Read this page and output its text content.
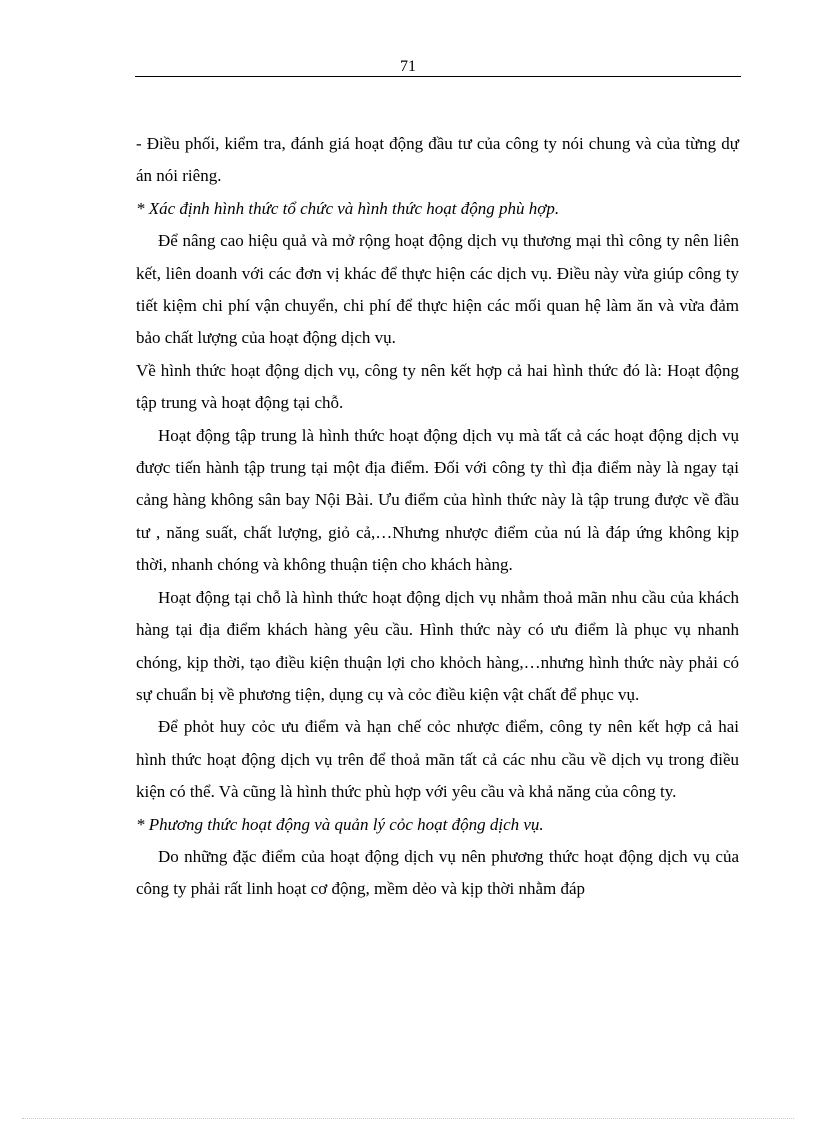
71

- Điều phối, kiểm tra, đánh giá hoạt động đầu tư của công ty nói chung và của từng dự án nói riêng.

* Xác định hình thức tổ chức và hình thức hoạt động phù hợp.

Để nâng cao hiệu quả và mở rộng hoạt động dịch vụ thương mại thì công ty nên liên kết, liên doanh với các đơn vị khác để thực hiện các dịch vụ. Điều này vừa giúp công ty tiết kiệm chi phí vận chuyển, chi phí để thực hiện các mối quan hệ làm ăn và vừa đảm bảo chất lượng của hoạt động dịch vụ.

Về hình thức hoạt động dịch vụ, công ty nên kết hợp cả hai hình thức đó là: Hoạt động tập trung và hoạt động tại chỗ.

Hoạt động tập trung là hình thức hoạt động dịch vụ mà tất cả các hoạt động dịch vụ được tiến hành tập trung tại một địa điểm. Đối với công ty thì địa điểm này là ngay tại cảng hàng không sân bay Nội Bài. Ưu điểm của hình thức này là tập trung được về đầu tư , năng suất, chất lượng, giỏ cả,…Nhưng nhược điểm của nú là đáp ứng không kịp thời, nhanh chóng và không thuận tiện cho khách hàng.

Hoạt động tại chỗ là hình thức hoạt động dịch vụ nhằm thoả mãn nhu cầu của khách hàng tại địa điểm khách hàng yêu cầu. Hình thức này có ưu điểm là phục vụ nhanh chóng, kịp thời, tạo điều kiện thuận lợi cho khỏch hàng,…nhưng hình thức này phải có sự chuẩn bị về phương tiện, dụng cụ và cỏc điều kiện vật chất để phục vụ.

Để phỏt huy cỏc ưu điểm và hạn chế cỏc nhược điểm, công ty nên kết hợp cả hai hình thức hoạt động dịch vụ trên để thoả mãn tất cả các nhu cầu về dịch vụ trong điều kiện có thể. Và cũng là hình thức phù hợp với yêu cầu và khả năng của công ty.

* Phương thức hoạt động và quản lý cỏc hoạt động dịch vụ.

Do những đặc điểm của hoạt động dịch vụ nên phương thức hoạt động dịch vụ của công ty phải rất linh hoạt cơ động, mềm dẻo và kịp thời nhằm đáp
